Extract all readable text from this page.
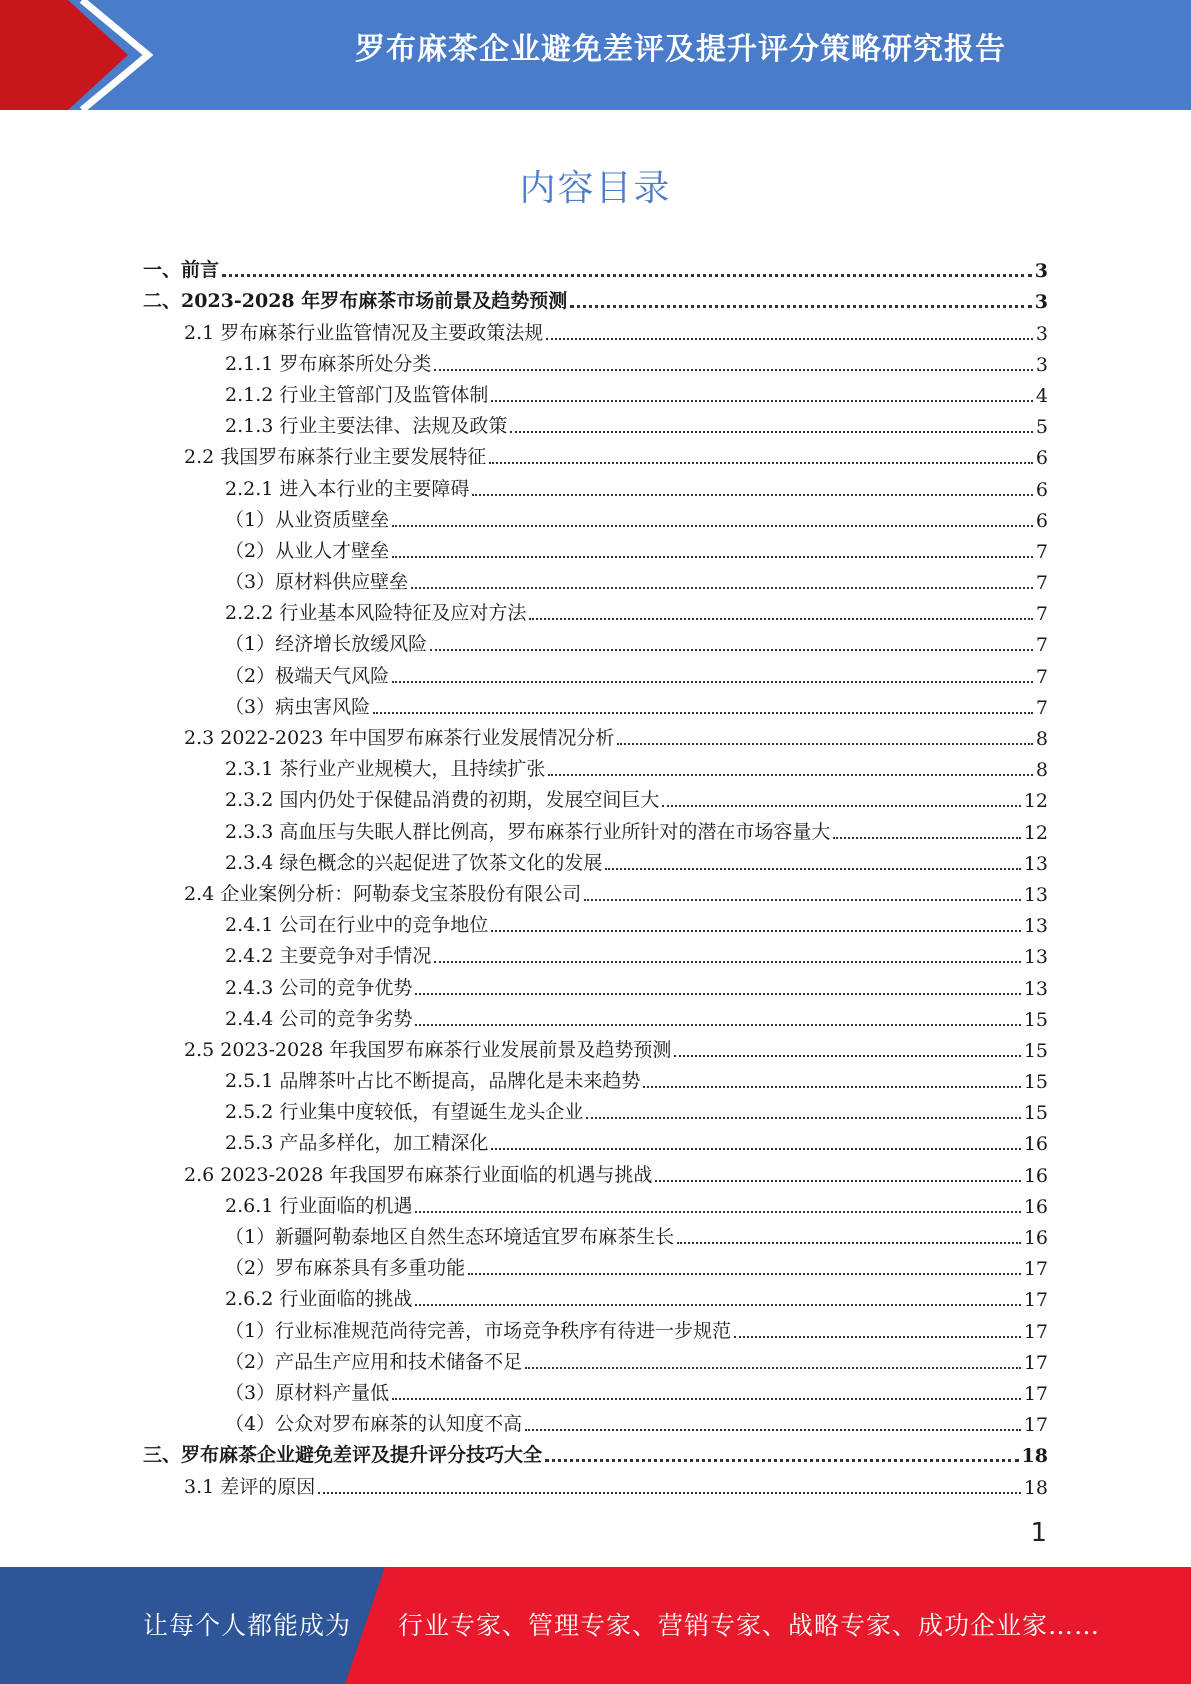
罗布麻茶企业避免差评及提升评分策略研究报告
内容目录
一、前言	3
二、2023-2028 年罗布麻茶市场前景及趋势预测	3
2.1 罗布麻茶行业监管情况及主要政策法规	3
2.1.1 罗布麻茶所处分类	3
2.1.2 行业主管部门及监管体制	4
2.1.3 行业主要法律、法规及政策	5
2.2 我国罗布麻茶行业主要发展特征	6
2.2.1 进入本行业的主要障碍	6
（1）从业资质壁垒	6
（2）从业人才壁垒	7
（3）原材料供应壁垒	7
2.2.2 行业基本风险特征及应对方法	7
（1）经济增长放缓风险	7
（2）极端天气风险	7
（3）病虫害风险	7
2.3 2022-2023 年中国罗布麻茶行业发展情况分析	8
2.3.1 茶行业产业规模大，且持续扩张	8
2.3.2 国内仍处于保健品消费的初期，发展空间巨大	12
2.3.3 高血压与失眠人群比例高，罗布麻茶行业所针对的潜在市场容量大	12
2.3.4 绿色概念的兴起促进了饮茶文化的发展	13
2.4 企业案例分析：阿勒泰戈宝茶股份有限公司	13
2.4.1 公司在行业中的竞争地位	13
2.4.2 主要竞争对手情况	13
2.4.3 公司的竞争优势	13
2.4.4 公司的竞争劣势	15
2.5 2023-2028 年我国罗布麻茶行业发展前景及趋势预测	15
2.5.1 品牌茶叶占比不断提高，品牌化是未来趋势	15
2.5.2 行业集中度较低，有望诞生龙头企业	15
2.5.3 产品多样化，加工精深化	16
2.6 2023-2028 年我国罗布麻茶行业面临的机遇与挑战	16
2.6.1 行业面临的机遇	16
（1）新疆阿勒泰地区自然生态环境适宜罗布麻茶生长	16
（2）罗布麻茶具有多重功能	17
2.6.2 行业面临的挑战	17
（1）行业标准规范尚待完善，市场竞争秩序有待进一步规范	17
（2）产品生产应用和技术储备不足	17
（3）原材料产量低	17
（4）公众对罗布麻茶的认知度不高	17
三、罗布麻茶企业避免差评及提升评分技巧大全	18
3.1 差评的原因	18
1
让每个人都能成为 行业专家、管理专家、营销专家、战略专家、成功企业家……
